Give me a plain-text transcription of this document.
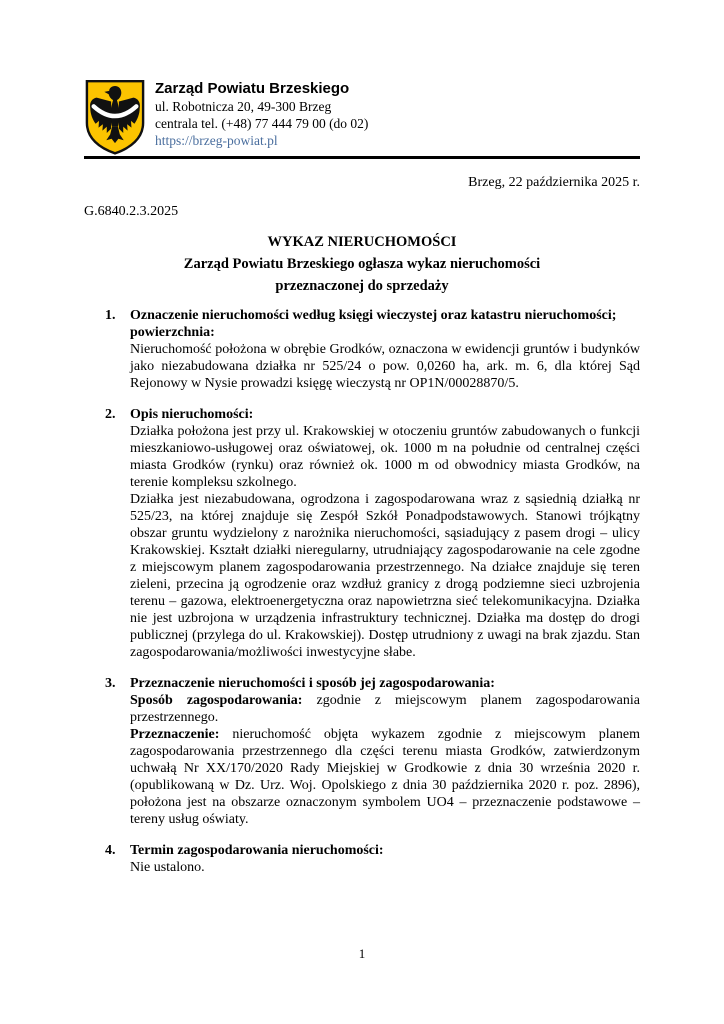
Zarząd Powiatu Brzeskiego
ul. Robotnicza 20, 49-300 Brzeg
centrala tel. (+48) 77 444 79 00 (do 02)
https://brzeg-powiat.pl
Brzeg, 22 października 2025 r.
G.6840.2.3.2025
WYKAZ NIERUCHOMOŚCI
Zarząd Powiatu Brzeskiego ogłasza wykaz nieruchomości
przeznaczonej do sprzedaży
1.	Oznaczenie nieruchomości według księgi wieczystej oraz katastru nieruchomości; powierzchnia:

Nieruchomość położona w obrębie Grodków, oznaczona w ewidencji gruntów i budynków jako niezabudowana działka nr 525/24 o pow. 0,0260 ha, ark. m. 6, dla której Sąd Rejonowy w Nysie prowadzi księgę wieczystą nr OP1N/00028870/5.

2.	Opis nieruchomości:

Działka położona jest przy ul. Krakowskiej w otoczeniu gruntów zabudowanych o funkcji mieszkaniowo-usługowej oraz oświatowej, ok. 1000 m na południe od centralnej części miasta Grodków (rynku) oraz również ok. 1000 m od obwodnicy miasta Grodków, na terenie kompleksu szkolnego.

Działka jest niezabudowana, ogrodzona i zagospodarowana wraz z sąsiednią działką nr 525/23, na której znajduje się Zespół Szkół Ponadpodstawowych. Stanowi trójkątny obszar gruntu wydzielony z narożnika nieruchomości, sąsiadujący z pasem drogi – ulicy Krakowskiej. Kształt działki nieregularny, utrudniający zagospodarowanie na cele zgodne z miejscowym planem zagospodarowania przestrzennego. Na działce znajduje się teren zieleni, przecina ją ogrodzenie oraz wzdłuż granicy z drogą podziemne sieci uzbrojenia terenu – gazowa, elektroenergetyczna oraz napowietrzna sieć telekomunikacyjna. Działka nie jest uzbrojona w urządzenia infrastruktury technicznej. Działka ma dostęp do drogi publicznej (przylega do ul. Krakowskiej). Dostęp utrudniony z uwagi na brak zjazdu. Stan zagospodarowania/możliwości inwestycyjne słabe.

3.	Przeznaczenie nieruchomości i sposób jej zagospodarowania:

Sposób zagospodarowania: zgodnie z miejscowym planem zagospodarowania przestrzennego.

Przeznaczenie: nieruchomość objęta wykazem zgodnie z miejscowym planem zagospodarowania przestrzennego dla części terenu miasta Grodków, zatwierdzonym uchwałą Nr XX/170/2020 Rady Miejskiej w Grodkowie z dnia 30 września 2020 r. (opublikowaną w Dz. Urz. Woj. Opolskiego z dnia 30 października 2020 r. poz. 2896), położona jest na obszarze oznaczonym symbolem UO4 – przeznaczenie podstawowe – tereny usług oświaty.

4.	Termin zagospodarowania nieruchomości:

Nie ustalono.

1
